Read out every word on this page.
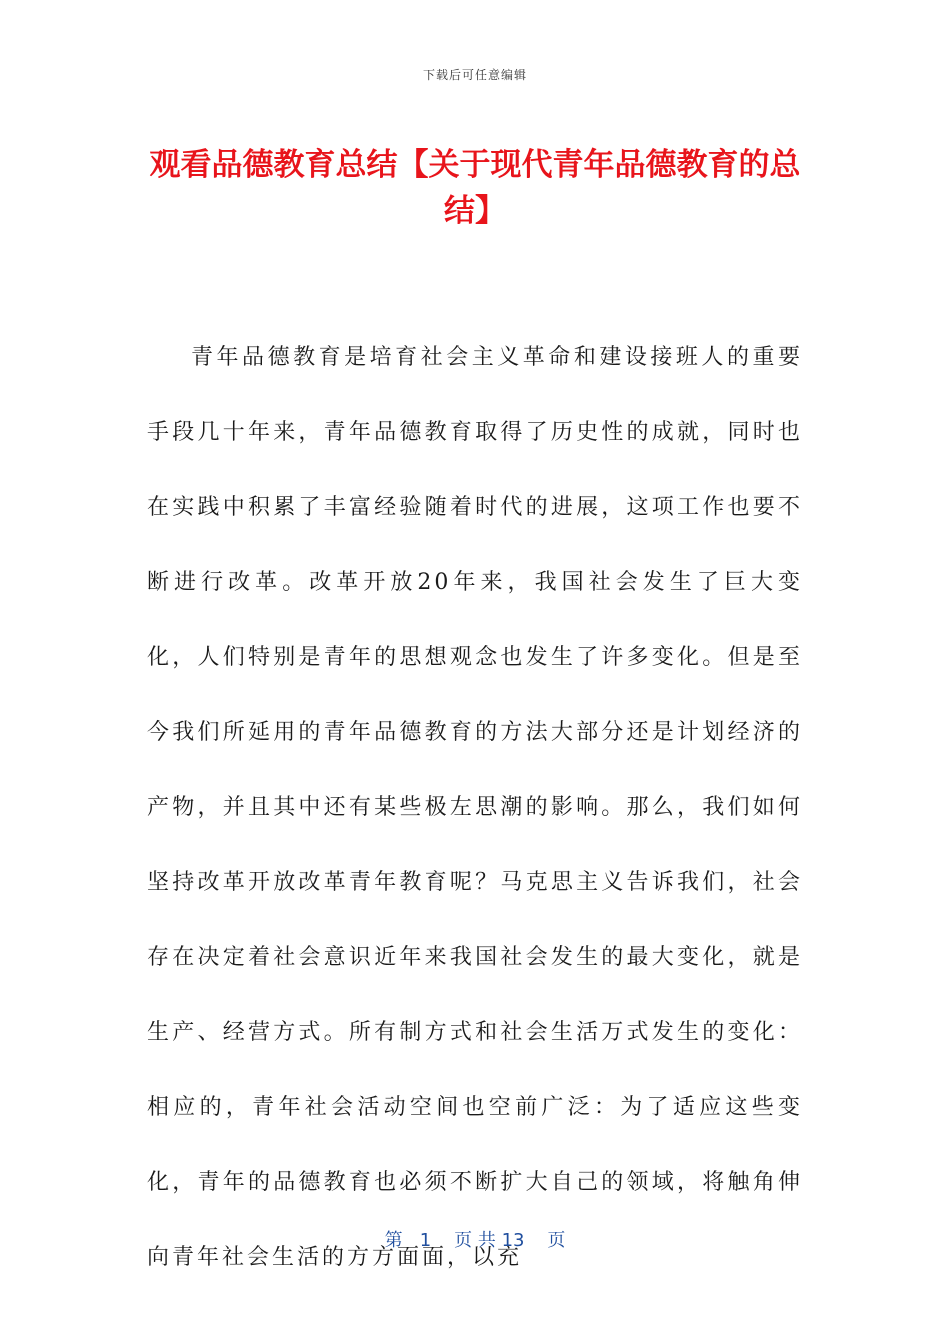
下载后可任意编辑
观看品德教育总结【关于现代青年品德教育的总结】

青年品德教育是培育社会主义革命和建设接班人的重要手段几十年来，青年品德教育取得了历史性的成就，同时也在实践中积累了丰富经验随着时代的进展，这项工作也要不断进行改革。改革开放20年来，我国社会发生了巨大变化，人们特别是青年的思想观念也发生了许多变化。但是至今我们所延用的青年品德教育的方法大部分还是计划经济的产物，并且其中还有某些极左思潮的影响。那么，我们如何坚持改革开放改革青年教育呢？马克思主义告诉我们，社会存在决定着社会意识近年来我国社会发生的最大变化，就是生产、经营方式。所有制方式和社会生活万式发生的变化：相应的，青年社会活动空间也空前广泛：为了适应这些变化，青年的品德教育也必须不断扩大自己的领域，将触角伸向青年社会生活的方方面面，以充

第 1 页 共 13 页
